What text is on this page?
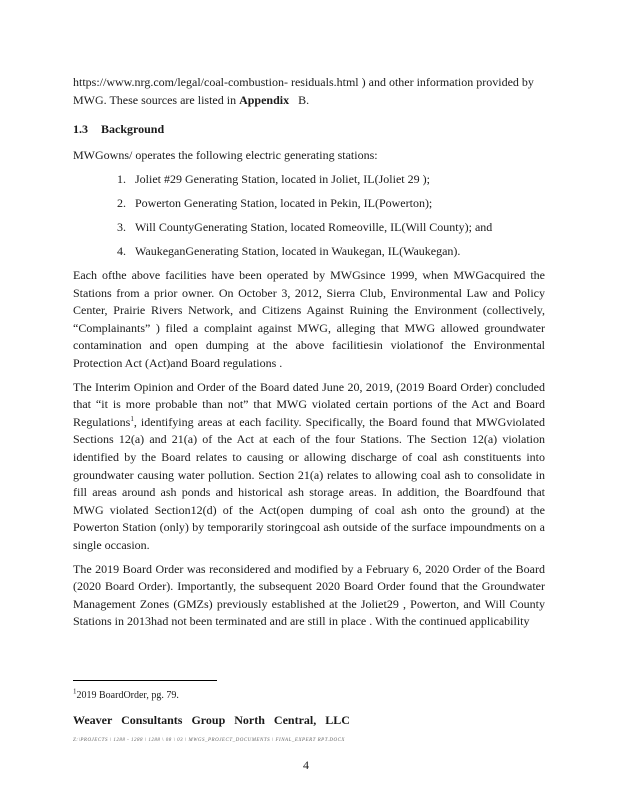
https://www.nrg.com/legal/coal-combustion- residuals.html ) and other information provided by
MWG. These sources are listed in Appendix   B.
1.3 Background
MWGowns/ operates the following electric generating stations:
1. Joliet #29 Generating Station, located in Joliet, IL(Joliet 29 );
2. Powerton Generating Station, located in Pekin, IL(Powerton);
3. Will CountyGenerating Station, located Romeoville, IL(Will County); and
4. WaukeganGenerating Station, located in Waukegan, IL(Waukegan).

Each ofthe above facilities have been operated by MWGsince 1999, when MWGacquired the Stations from a prior owner. On October 3, 2012, Sierra Club, Environmental Law and Policy Center, Prairie Rivers Network, and Citizens Against Ruining the Environment (collectively, “Complainants” ) filed a complaint against MWG, alleging that MWG allowed groundwater contamination and open dumping at the above facilitiesin violationof the Environmental Protection Act (Act)and Board regulations .

The Interim Opinion and Order of the Board dated June 20, 2019, (2019 Board Order) concluded that “it is more probable than not” that MWG violated certain portions of the Act and Board Regulations$^1$, identifying areas at each facility. Specifically, the Board found that MWGviolated Sections 12(a) and 21(a) of the Act at each of the four Stations. The Section 12(a) violation identified by the Board relates to causing or allowing discharge of coal ash constituents into groundwater causing water pollution. Section 21(a) relates to allowing coal ash to consolidate in fill areas around ash ponds and historical ash storage areas. In addition, the Boardfound that MWG violated Section12(d) of the Act(open dumping of coal ash onto the ground) at the Powerton Station (only) by temporarily storingcoal ash outside of the surface impoundments on a single occasion.

The 2019 Board Order was reconsidered and modified by a February 6, 2020 Order of the Board (2020 Board Order). Importantly, the subsequent 2020 Board Order found that the Groundwater Management Zones (GMZs) previously established at the Joliet29 , Powerton, and Will County Stations in 2013had not been terminated and are still in place . With the continued applicability

$^1$2019 BoardOrder, pg. 79.
Weaver Consultants Group North Central, LLC
Z:\PROJECTS \ 1288 - 1288 \ 1288 \ 08 \ 03 \ MWGS_PROJECT_DOCUMENTS \ FINAL_EXPERT RPT.DOCX
4
